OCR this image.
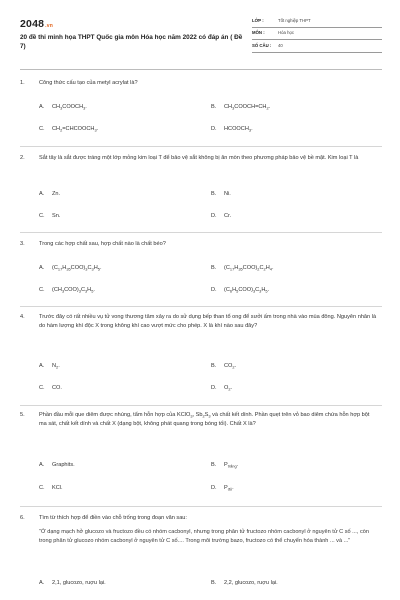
2048.vn
20 đề thi minh họa THPT Quốc gia môn Hóa học năm 2022 có đáp án ( Đề 7)
LỚP :	Tốt nghiệp THPT
MÔN :	Hóa học
SỐ CÂU :	40
1.	Công thức cấu tạo của metyl acrylat là?
A. $CH_3COOCH_3$.	B. $CH_3COOCH=CH_2$.
C. $CH_2=CHCOOCH_3$.	D. $HCOOCH_3$.
2.	Sắt tây là sắt được tráng một lớp mỏng kim loại T để bảo vệ sắt không bị ăn mòn theo phương pháp bảo vệ bề mặt. Kim loại T là
A. Zn.	B. Ni.
C. Sn.	D. Cr.
3.	Trong các hợp chất sau, hợp chất nào là chất béo?
A. $(C_{17}H_{35}COO)_3C_3H_5$.	B. $(C_{17}H_{35}COO)_2C_2H_4$.
C. $(CH_3COO)_3C_3H_5$.	D. $(C_6H_5COO)_3C_3H_5$.
4.	Trước đây có rất nhiều vụ tử vong thương tâm xảy ra do sử dụng bếp than tổ ong để sưởi ấm trong nhà vào mùa đông. Nguyên nhân là do hàm lượng khí độc X trong không khí cao vượt mức cho phép. X là khí nào sau đây?
A. $N_2$.	B. $CO_2$.
C. CO.	D. $O_2$.
5.	Phần đầu mỗi que diêm được nhúng, tẩm hỗn hợp của KClO$_3$, $Sb_2S_3$ và chất kết dính. Phần quẹt trên vỏ bao diêm chứa hỗn hợp bột ma sát, chất kết dính và chất X (dạng bột, không phát quang trong bóng tối). Chất X là?
A. Graphits.	B. $P_{trắng}$.
C. KCl.	D. $P_{đỏ}$.
6.	Tìm từ thích hợp để điền vào chỗ trống trong đoạn văn sau:
“Ở dạng mạch hở glucozo và fructozo đều có nhóm cacbonyl, nhưng trong phân tử fructozo nhóm cacbonyl ở nguyên tử C số ..., còn trong phân tử glucozo nhóm cacbonyl ở nguyên tử C số.... Trong môi trường bazo, fructozo có thể chuyển hóa thành ... và ...”
A. 2,1, glucozo, ruợu lại.	B. 2,2, glucozo, ruợu lại.
